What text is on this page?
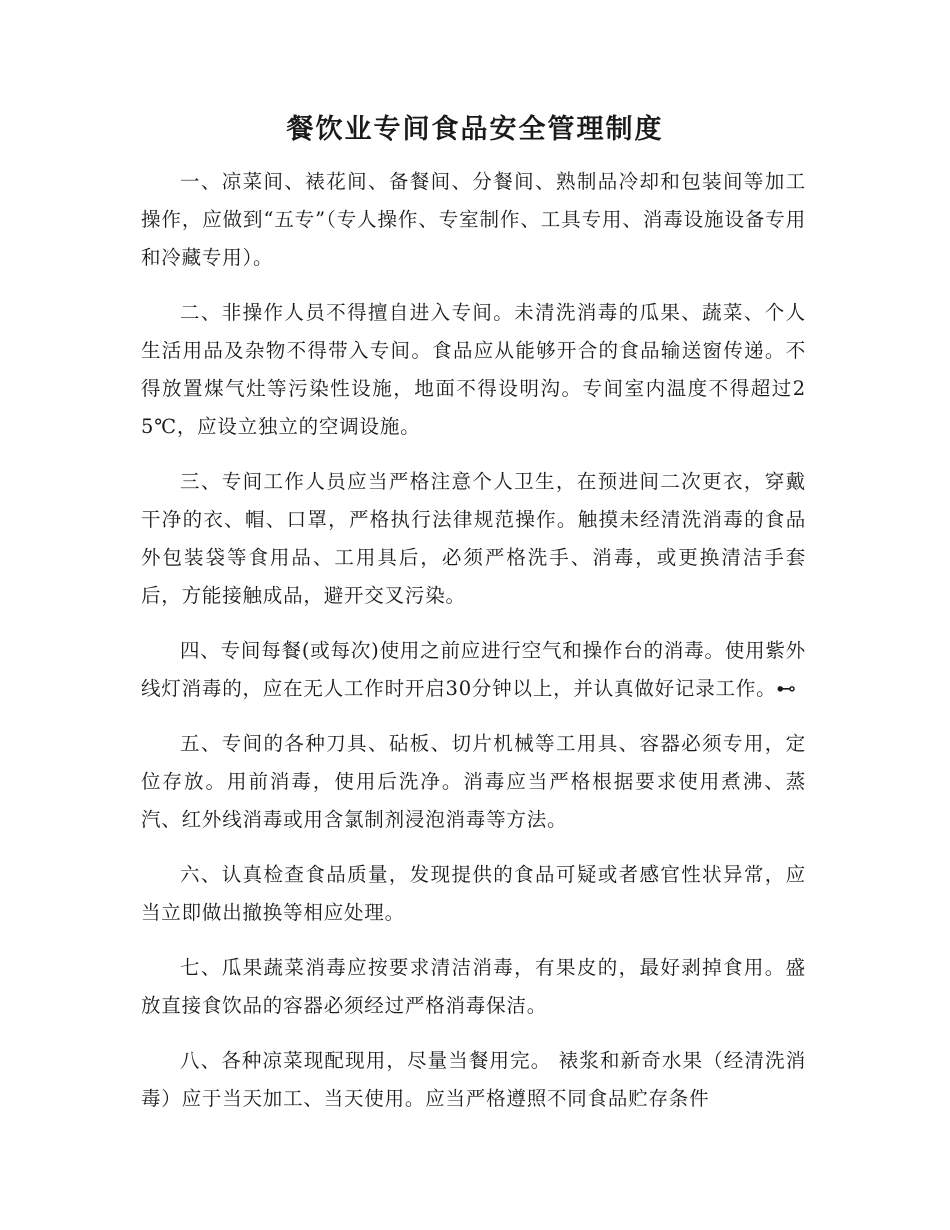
餐饮业专间食品安全管理制度

一、凉菜间、裱花间、备餐间、分餐间、熟制品冷却和包装间等加工操作，应做到“五专”（专人操作、专室制作、工具专用、消毒设施设备专用和冷藏专用）。

二、非操作人员不得擅自进入专间。未清洗消毒的瓜果、蔬菜、个人生活用品及杂物不得带入专间。食品应从能够开合的食品输送窗传递。不得放置煤气灶等污染性设施，地面不得设明沟。专间室内温度不得超过25℃，应设立独立的空调设施。

三、专间工作人员应当严格注意个人卫生，在预进间二次更衣，穿戴干净的衣、帽、口罩，严格执行法律规范操作。触摸未经清洗消毒的食品外包装袋等食用品、工用具后，必须严格洗手、消毒，或更换清洁手套后，方能接触成品，避开交叉污染。

四、专间每餐(或每次)使用之前应进行空气和操作台的消毒。使用紫外线灯消毒的，应在无人工作时开启30分钟以上，并认真做好记录工作。⊷

五、专间的各种刀具、砧板、切片机械等工用具、容器必须专用，定位存放。用前消毒，使用后洗净。消毒应当严格根据要求使用煮沸、蒸汽、红外线消毒或用含氯制剂浸泡消毒等方法。

六、认真检查食品质量，发现提供的食品可疑或者感官性状异常，应当立即做出撤换等相应处理。

七、瓜果蔬菜消毒应按要求清洁消毒，有果皮的，最好剥掉食用。盛放直接食饮品的容器必须经过严格消毒保洁。

八、各种凉菜现配现用，尽量当餐用完。 裱浆和新奇水果（经清洗消毒）应于当天加工、当天使用。应当严格遵照不同食品贮存条件
